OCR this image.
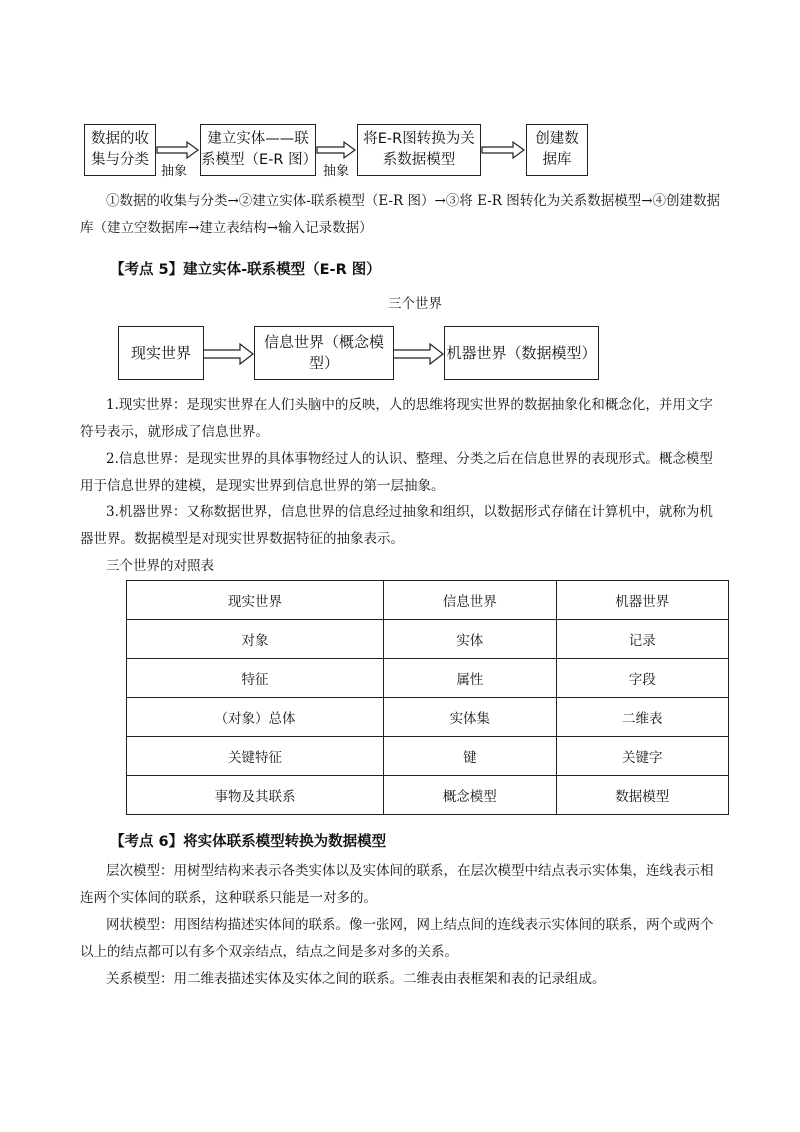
数据的收
集与分类
建立实体——联
系模型（E-R 图）
将E-R图转换为关
系数据模型
创建数
据库
抽象	抽象
①数据的收集与分类→②建立实体-联系模型（E-R 图）→③将 E-R 图转化为关系数据模型→④创建数据库（建立空数据库→建立表结构→输入记录数据）
【考点 5】建立实体-联系模型（E-R 图）
三个世界
现实世界
信息世界（概念模型）
机器世界（数据模型）
1.现实世界：是现实世界在人们头脑中的反映，人的思维将现实世界的数据抽象化和概念化，并用文字符号表示，就形成了信息世界。
2.信息世界：是现实世界的具体事物经过人的认识、整理、分类之后在信息世界的表现形式。概念模型用于信息世界的建模，是现实世界到信息世界的第一层抽象。
3.机器世界：又称数据世界，信息世界的信息经过抽象和组织，以数据形式存储在计算机中，就称为机器世界。数据模型是对现实世界数据特征的抽象表示。
三个世界的对照表
现实世界	信息世界	机器世界
对象	实体	记录
特征	属性	字段
（对象）总体	实体集	二维表
关键特征	键	关键字
事物及其联系	概念模型	数据模型
【考点 6】将实体联系模型转换为数据模型
层次模型：用树型结构来表示各类实体以及实体间的联系，在层次模型中结点表示实体集，连线表示相连两个实体间的联系，这种联系只能是一对多的。
网状模型：用图结构描述实体间的联系。像一张网，网上结点间的连线表示实体间的联系，两个或两个以上的结点都可以有多个双亲结点，结点之间是多对多的关系。
关系模型：用二维表描述实体及实体之间的联系。二维表由表框架和表的记录组成。
